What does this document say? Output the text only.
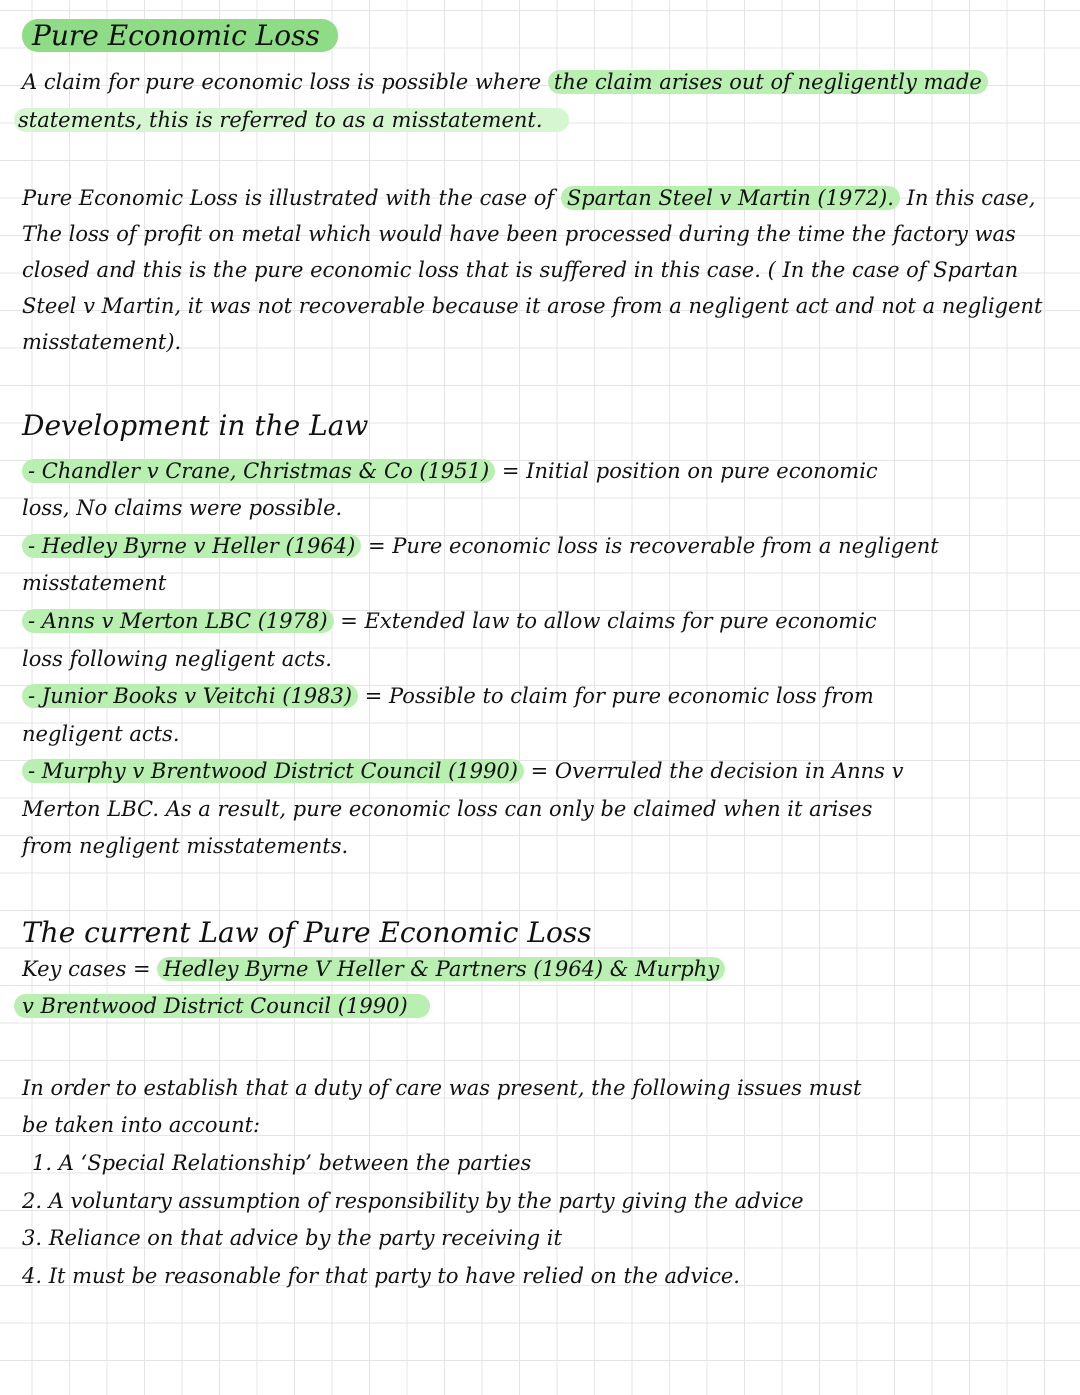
Pure Economic Loss
A claim for pure economic loss is possible where the claim arises out of negligently made
statements, this is referred to as a misstatement.
Pure Economic Loss is illustrated with the case of Spartan Steel v Martin (1972). In this case,
The loss of profit on metal which would have been processed during the time the factory was
closed and this is the pure economic loss that is suffered in this case. ( In the case of Spartan
Steel v Martin, it was not recoverable because it arose from a negligent act and not a negligent
misstatement).
Development in the Law
- Chandler v Crane, Christmas & Co (1951) = Initial position on pure economic
loss, No claims were possible.
- Hedley Byrne v Heller (1964) = Pure economic loss is recoverable from a negligent
misstatement
- Anns v Merton LBC (1978) = Extended law to allow claims for pure economic
loss following negligent acts.
- Junior Books v Veitchi (1983) = Possible to claim for pure economic loss from
negligent acts.
- Murphy v Brentwood District Council (1990) = Overruled the decision in Anns v
Merton LBC. As a result, pure economic loss can only be claimed when it arises
from negligent misstatements.
The current Law of Pure Economic Loss
Key cases = Hedley Byrne V Heller & Partners (1964) & Murphy
v Brentwood District Council (1990)
In order to establish that a duty of care was present, the following issues must
be taken into account:
1. A ‘Special Relationship’ between the parties
2. A voluntary assumption of responsibility by the party giving the advice
3. Reliance on that advice by the party receiving it
4. It must be reasonable for that party to have relied on the advice.
